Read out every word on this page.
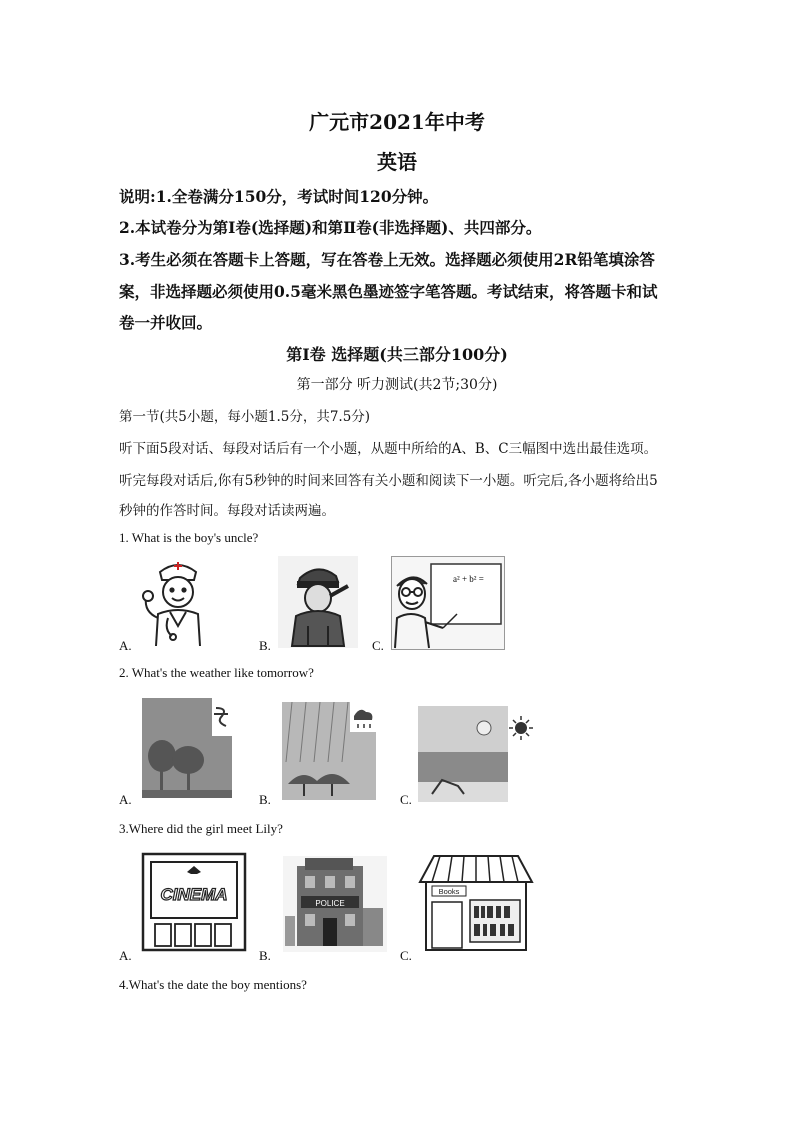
广元市2021年中考
英语
说明:1.全卷满分150分，考试时间120分钟。
2.本试卷分为第Ⅰ卷(选择题)和第Ⅱ卷(非选择题)、共四部分。
3.考生必须在答题卡上答题，写在答卷上无效。选择题必须使用2R铅笔填涂答
案，非选择题必须使用0.5毫米黑色墨迹签字笔答题。考试结束，将答题卡和试
卷一并收回。
第Ⅰ卷 选择题(共三部分100分)
第一部分 听力测试(共2节;30分)
第一节(共5小题，每小题1.5分，共7.5分)
听下面5段对话、每段对话后有一个小题，从题中所给的A、B、C三幅图中选出最佳选项。
听完每段对话后,你有5秒钟的时间来回答有关小题和阅读下一小题。听完后,各小题将给出5
秒钟的作答时间。每段对话读两遍。
1. What is the boy's uncle?
A.	B.
a² + b² =
C.
2. What's the weather like tomorrow?
A.	B.	C.
3.Where did the girl meet Lily?
CINEMA
A.
POLICE
B.
Books
C.
4.What's the date the boy mentions?
